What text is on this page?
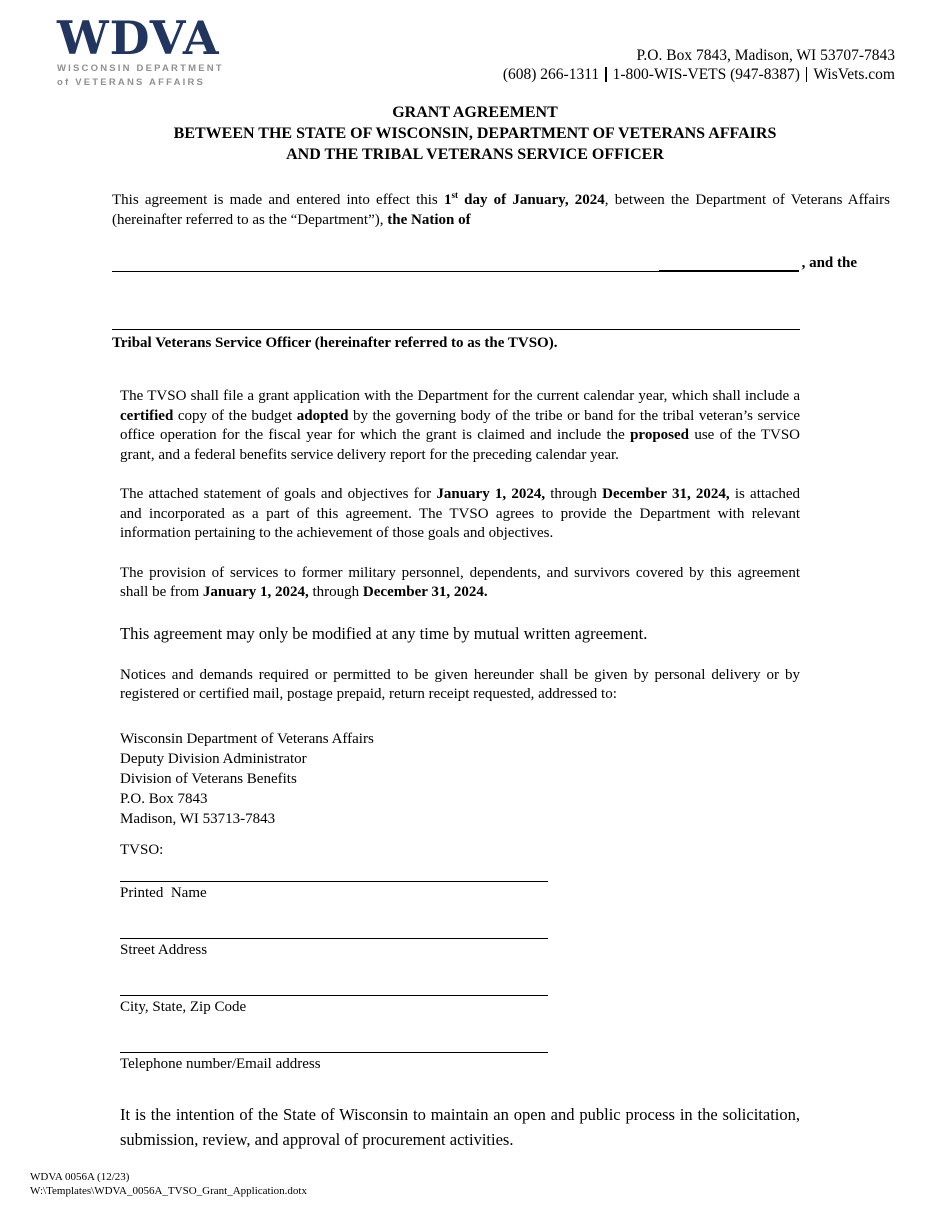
WDVA
WISCONSIN DEPARTMENT
of VETERANS AFFAIRS
P.O. Box 7843, Madison, WI 53707-7843
(608) 266-1311 1-800-WIS-VETS (947-8387) WisVets.com
GRANT AGREEMENT
BETWEEN THE STATE OF WISCONSIN, DEPARTMENT OF VETERANS AFFAIRS
AND THE TRIBAL VETERANS SERVICE OFFICER

This agreement is made and entered into effect this 1st day of January, 2024, between the Department of Veterans Affairs (hereinafter referred to as the “Department”), the Nation of

, and the

Tribal Veterans Service Officer (hereinafter referred to as the TVSO).

The TVSO shall file a grant application with the Department for the current calendar year, which shall include a certified copy of the budget adopted by the governing body of the tribe or band for the tribal veteran’s service office operation for the fiscal year for which the grant is claimed and include the proposed use of the TVSO grant, and a federal benefits service delivery report for the preceding calendar year.

The attached statement of goals and objectives for January 1, 2024, through December 31, 2024, is attached and incorporated as a part of this agreement. The TVSO agrees to provide the Department with relevant information pertaining to the achievement of those goals and objectives.

The provision of services to former military personnel, dependents, and survivors covered by this agreement shall be from January 1, 2024, through December 31, 2024.

This agreement may only be modified at any time by mutual written agreement.

Notices and demands required or permitted to be given hereunder shall be given by personal delivery or by registered or certified mail, postage prepaid, return receipt requested, addressed to:

Wisconsin Department of Veterans Affairs
Deputy Division Administrator
Division of Veterans Benefits
P.O. Box 7843
Madison, WI 53713-7843

TVSO:

Printed  Name
Street Address
City, State, Zip Code
Telephone number/Email address

It is the intention of the State of Wisconsin to maintain an open and public process in the solicitation, submission, review, and approval of procurement activities.

WDVA 0056A (12/23)
W:\Templates\WDVA_0056A_TVSO_Grant_Application.dotx
